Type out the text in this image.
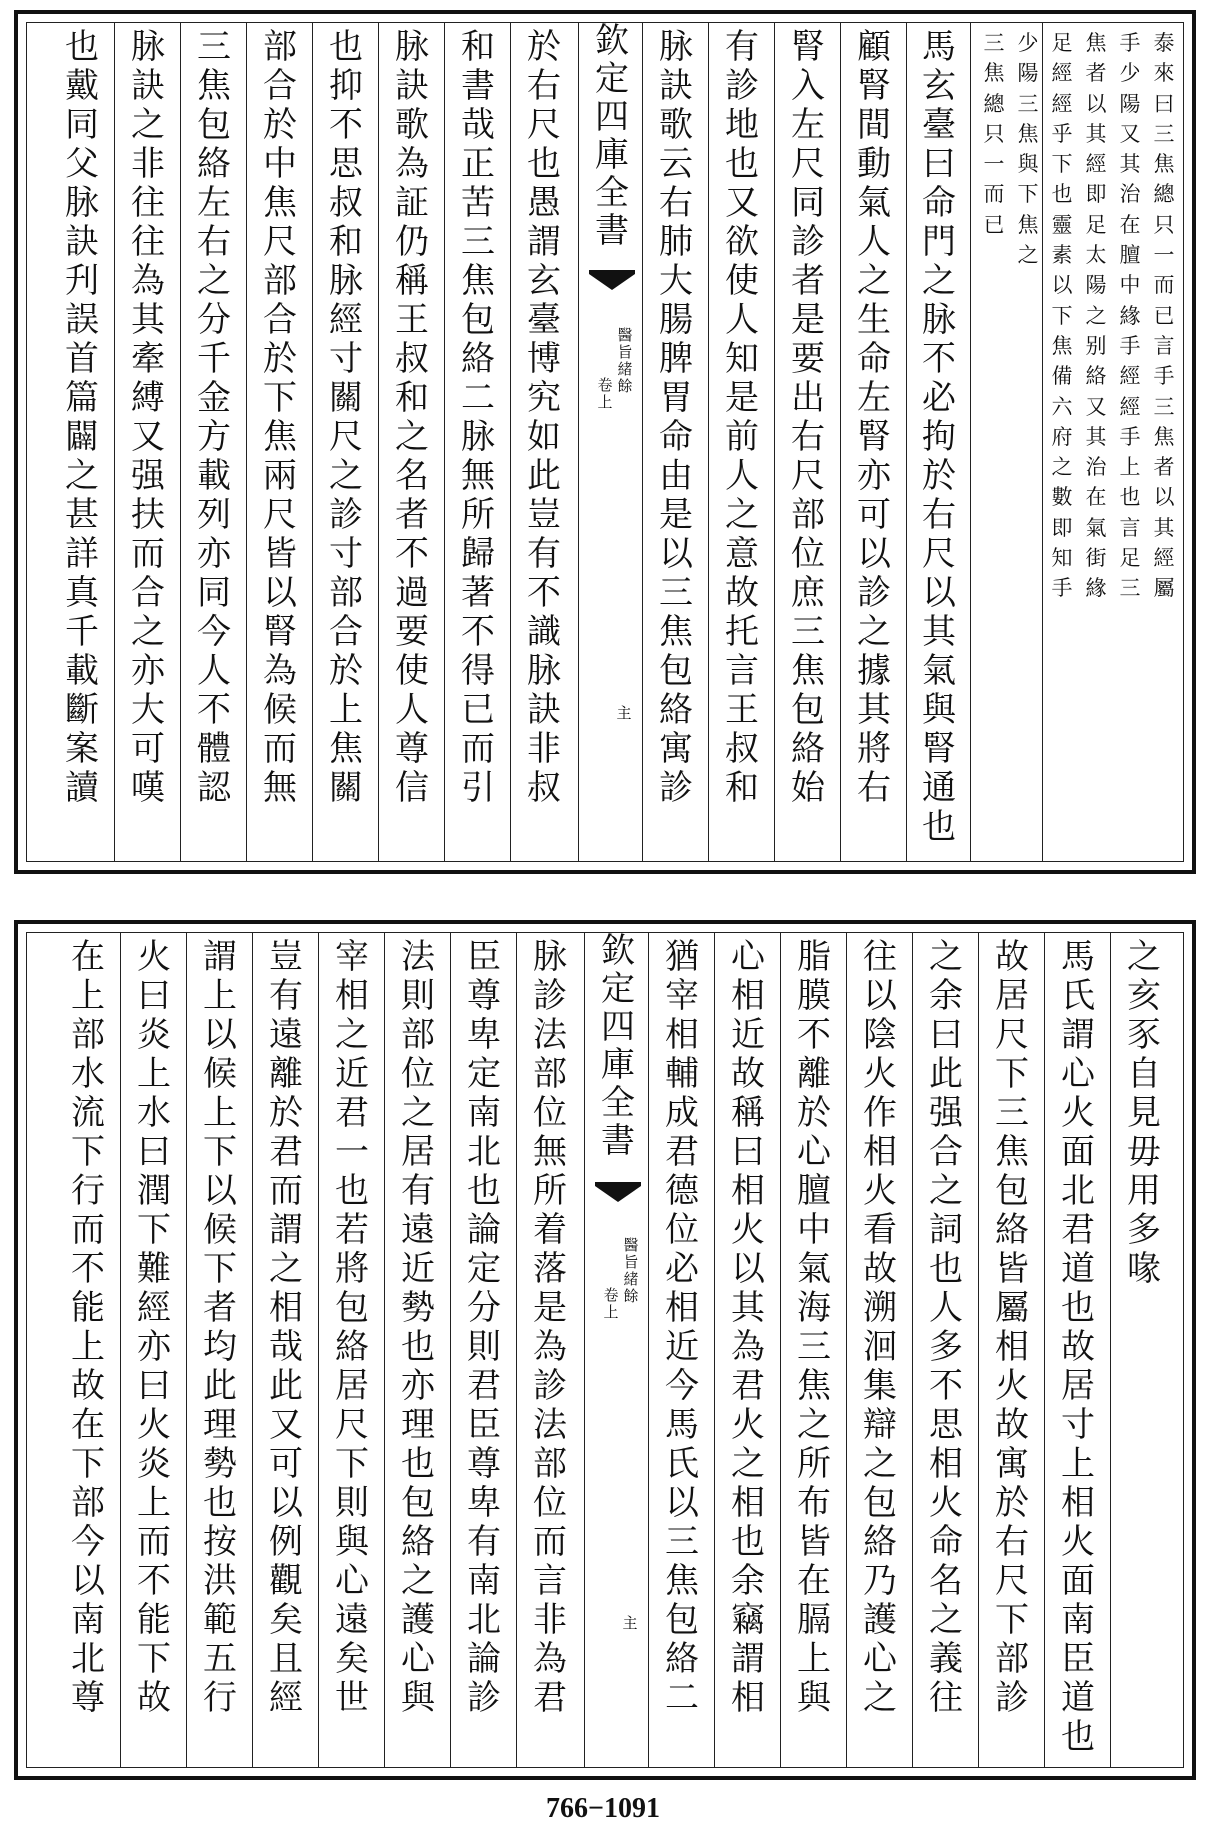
泰
來
曰
三
焦
總
只
一
而
已
言
手
三
焦
者
以
其
經
屬
手
少
陽
又
其
治
在
膻
中
緣
手
經
經
手
上
也
言
足
三
焦
者
以
其
經
即
足
太
陽
之
别
絡
又
其
治
在
氣
街
緣
足
經
經
乎
下
也
靈
素
以
下
焦
備
六
府
之
數
即
知
手
少
陽
三
焦
與
下
焦
之
三
焦
總
只
一
而
已
馬
玄
臺
曰
命
門
之
脉
不
必
拘
於
右
尺
以
其
氣
與
腎
通
也
顧
腎
間
動
氣
人
之
生
命
左
腎
亦
可
以
診
之
據
其
將
右
腎
入
左
尺
同
診
者
是
要
出
右
尺
部
位
庶
三
焦
包
絡
始
有
診
地
也
又
欲
使
人
知
是
前
人
之
意
故
托
言
王
叔
和
脉
訣
歌
云
右
肺
大
腸
脾
胃
命
由
是
以
三
焦
包
絡
寓
診
欽
定
四
庫
全
書
醫
旨
緒
餘
卷
上
主
於
右
尺
也
愚
謂
玄
臺
博
究
如
此
豈
有
不
識
脉
訣
非
叔
和
書
哉
正
苦
三
焦
包
絡
二
脉
無
所
歸
著
不
得
已
而
引
脉
訣
歌
為
証
仍
稱
王
叔
和
之
名
者
不
過
要
使
人
尊
信
也
抑
不
思
叔
和
脉
經
寸
關
尺
之
診
寸
部
合
於
上
焦
關
部
合
於
中
焦
尺
部
合
於
下
焦
兩
尺
皆
以
腎
為
候
而
無
三
焦
包
絡
左
右
之
分
千
金
方
載
列
亦
同
今
人
不
體
認
脉
訣
之
非
往
往
為
其
牽
縛
又
强
扶
而
合
之
亦
大
可
嘆
也
戴
同
父
脉
訣
刋
誤
首
篇
闢
之
甚
詳
真
千
載
斷
案
讀
之
亥
豕
自
見
毋
用
多
喙
馬
氏
謂
心
火
面
北
君
道
也
故
居
寸
上
相
火
面
南
臣
道
也
故
居
尺
下
三
焦
包
絡
皆
屬
相
火
故
寓
於
右
尺
下
部
診
之
余
曰
此
强
合
之
詞
也
人
多
不
思
相
火
命
名
之
義
往
往
以
陰
火
作
相
火
看
故
溯
洄
集
辯
之
包
絡
乃
護
心
之
脂
膜
不
離
於
心
膻
中
氣
海
三
焦
之
所
布
皆
在
膈
上
與
心
相
近
故
稱
曰
相
火
以
其
為
君
火
之
相
也
余
竊
謂
相
猶
宰
相
輔
成
君
德
位
必
相
近
今
馬
氏
以
三
焦
包
絡
二
欽
定
四
庫
全
書
醫
旨
緒
餘
卷
上
主
脉
診
法
部
位
無
所
着
落
是
為
診
法
部
位
而
言
非
為
君
臣
尊
卑
定
南
北
也
論
定
分
則
君
臣
尊
卑
有
南
北
論
診
法
則
部
位
之
居
有
遠
近
勢
也
亦
理
也
包
絡
之
護
心
與
宰
相
之
近
君
一
也
若
將
包
絡
居
尺
下
則
與
心
遠
矣
世
豈
有
遠
離
於
君
而
謂
之
相
哉
此
又
可
以
例
觀
矣
且
經
謂
上
以
候
上
下
以
候
下
者
均
此
理
勢
也
按
洪
範
五
行
火
曰
炎
上
水
曰
潤
下
難
經
亦
曰
火
炎
上
而
不
能
下
故
在
上
部
水
流
下
行
而
不
能
上
故
在
下
部
今
以
南
北
尊
766−1091
